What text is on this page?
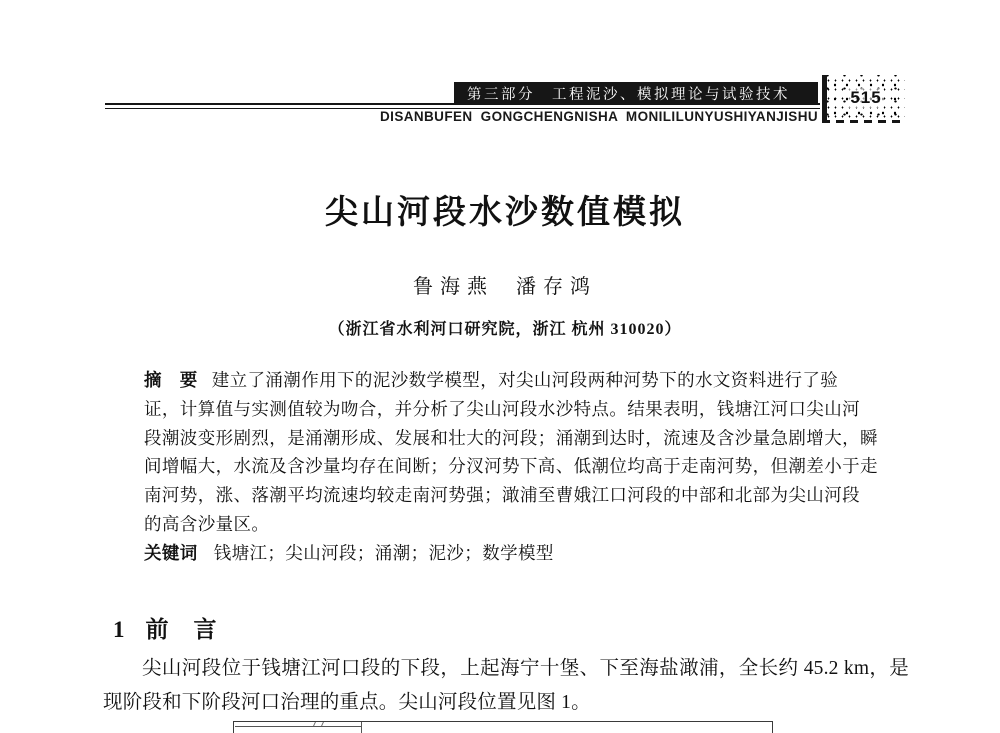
第三部分　工程泥沙、模拟理论与试验技术	515
DISANBUFEN GONGCHENGNISHA MONILILUNYUSHIYANJISHU
尖山河段水沙数值模拟
鲁海燕 潘存鸿
（浙江省水利河口研究院，浙江 杭州 310020）
摘　要 建立了涌潮作用下的泥沙数学模型，对尖山河段两种河势下的水文资料进行了验
证，计算值与实测值较为吻合，并分析了尖山河段水沙特点。结果表明，钱塘江河口尖山河
段潮波变形剧烈，是涌潮形成、发展和壮大的河段；涌潮到达时，流速及含沙量急剧增大，瞬
间增幅大，水流及含沙量均存在间断；分汊河势下高、低潮位均高于走南河势，但潮差小于走
南河势，涨、落潮平均流速均较走南河势强；澉浦至曹娥江口河段的中部和北部为尖山河段
的高含沙量区。
关键词 钱塘江；尖山河段；涌潮；泥沙；数学模型
1 前　言
尖山河段位于钱塘江河口段的下段，上起海宁十堡、下至海盐澉浦，全长约 45.2 km，是现阶段和下阶段河口治理的重点。尖山河段位置见图 1。
